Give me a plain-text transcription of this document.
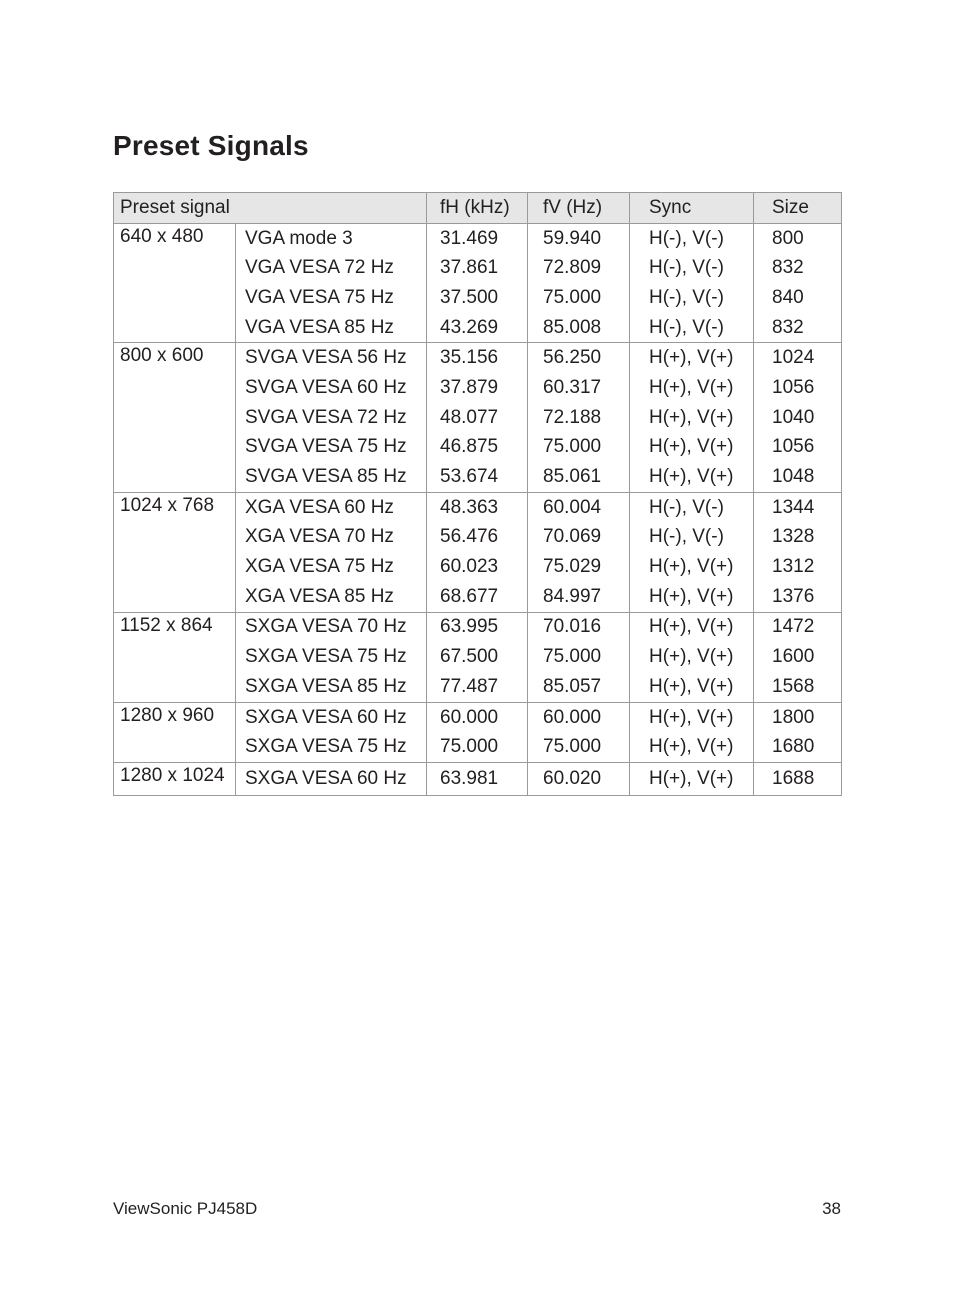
Preset Signals
Preset signal		fH (kHz)	fV (Hz)	Sync	Size
640 x 480	VGA mode 3	31.469	59.940	H(-), V(-)	800
	VGA VESA 72 Hz	37.861	72.809	H(-), V(-)	832
	VGA VESA 75 Hz	37.500	75.000	H(-), V(-)	840
	VGA VESA 85 Hz	43.269	85.008	H(-), V(-)	832
800 x 600	SVGA VESA 56 Hz	35.156	56.250	H(+), V(+)	1024
	SVGA VESA 60 Hz	37.879	60.317	H(+), V(+)	1056
	SVGA VESA 72 Hz	48.077	72.188	H(+), V(+)	1040
	SVGA VESA 75 Hz	46.875	75.000	H(+), V(+)	1056
	SVGA VESA 85 Hz	53.674	85.061	H(+), V(+)	1048
1024 x 768	XGA VESA 60 Hz	48.363	60.004	H(-), V(-)	1344
	XGA VESA 70 Hz	56.476	70.069	H(-), V(-)	1328
	XGA VESA 75 Hz	60.023	75.029	H(+), V(+)	1312
	XGA VESA 85 Hz	68.677	84.997	H(+), V(+)	1376
1152 x 864	SXGA VESA 70 Hz	63.995	70.016	H(+), V(+)	1472
	SXGA VESA 75 Hz	67.500	75.000	H(+), V(+)	1600
	SXGA VESA 85 Hz	77.487	85.057	H(+), V(+)	1568
1280 x 960	SXGA VESA 60 Hz	60.000	60.000	H(+), V(+)	1800
	SXGA VESA 75 Hz	75.000	75.000	H(+), V(+)	1680
1280 x 1024	SXGA VESA 60 Hz	63.981	60.020	H(+), V(+)	1688
ViewSonic PJ458D	38
